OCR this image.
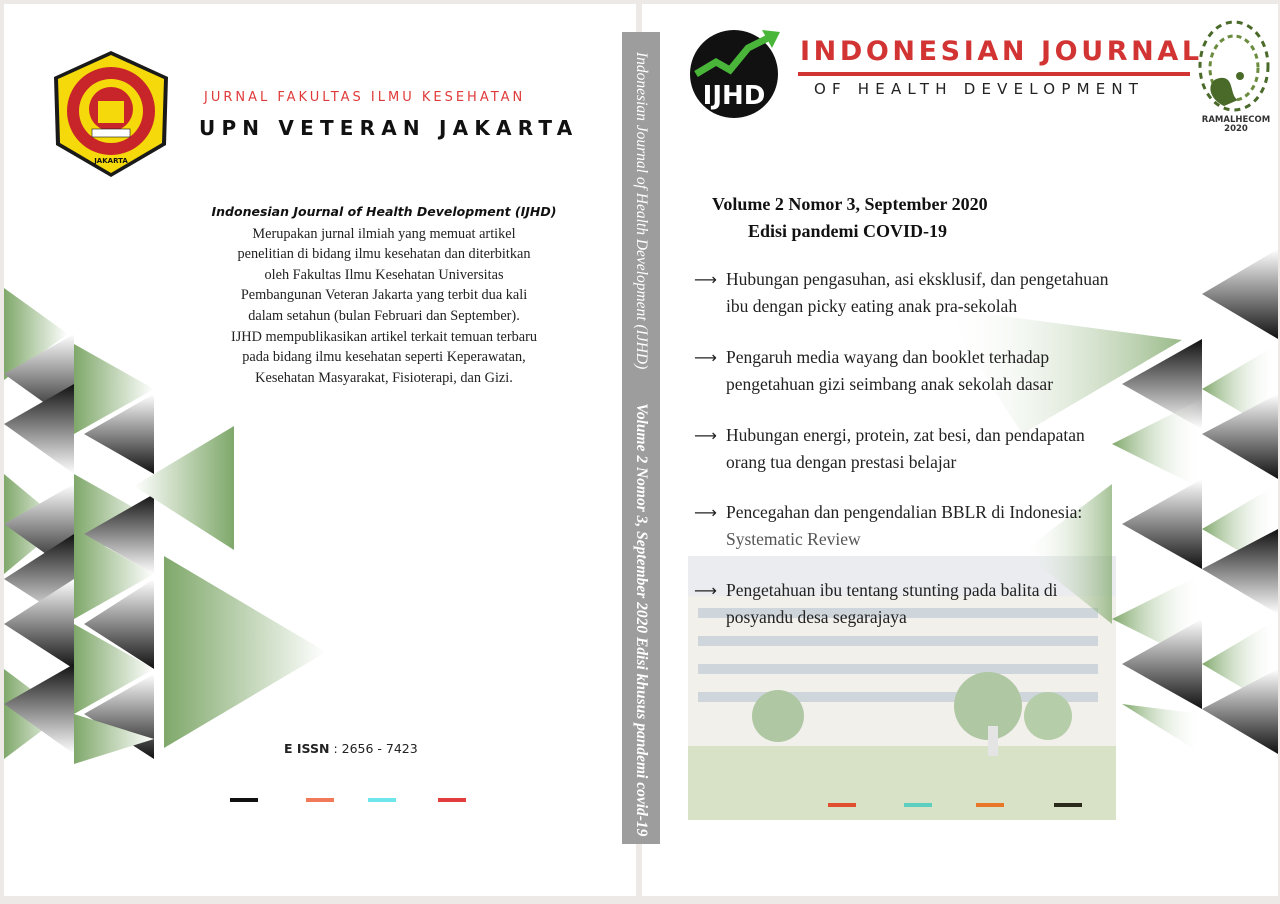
JAKARTA
JURNAL FAKULTAS ILMU KESEHATAN
UPN VETERAN JAKARTA
Indonesian Journal of Health Development (IJHD)
Merupakan jurnal ilmiah yang memuat artikel
penelitian di bidang ilmu kesehatan dan diterbitkan
oleh Fakultas Ilmu Kesehatan Universitas
Pembangunan Veteran Jakarta yang terbit dua kali
dalam setahun (bulan Februari dan September).
IJHD mempublikasikan artikel terkait temuan terbaru
pada bidang ilmu kesehatan seperti Keperawatan,
Kesehatan Masyarakat, Fisioterapi, dan Gizi.
E ISSN : 2656 - 7423
IJHD
INDONESIAN JOURNAL
OF HEALTH DEVELOPMENT
RAMALHECOM
2020
Volume 2 Nomor 3, September 2020
Edisi pandemi COVID-19
⟶ Hubungan pengasuhan, asi eksklusif, dan pengetahuan
ibu dengan picky eating anak pra-sekolah
⟶ Pengaruh media wayang dan booklet terhadap
pengetahuan gizi seimbang anak sekolah dasar
⟶ Hubungan energi, protein, zat besi, dan pendapatan
orang tua dengan prestasi belajar
⟶ Pencegahan dan pengendalian BBLR di Indonesia:
Systematic Review
⟶ Pengetahuan ibu tentang stunting pada balita di
posyandu desa segarajaya
Indonesian Journal of Health Development (IJHD)Volume 2 Nomor 3, September 2020 Edisi khusus pandemi covid-19
